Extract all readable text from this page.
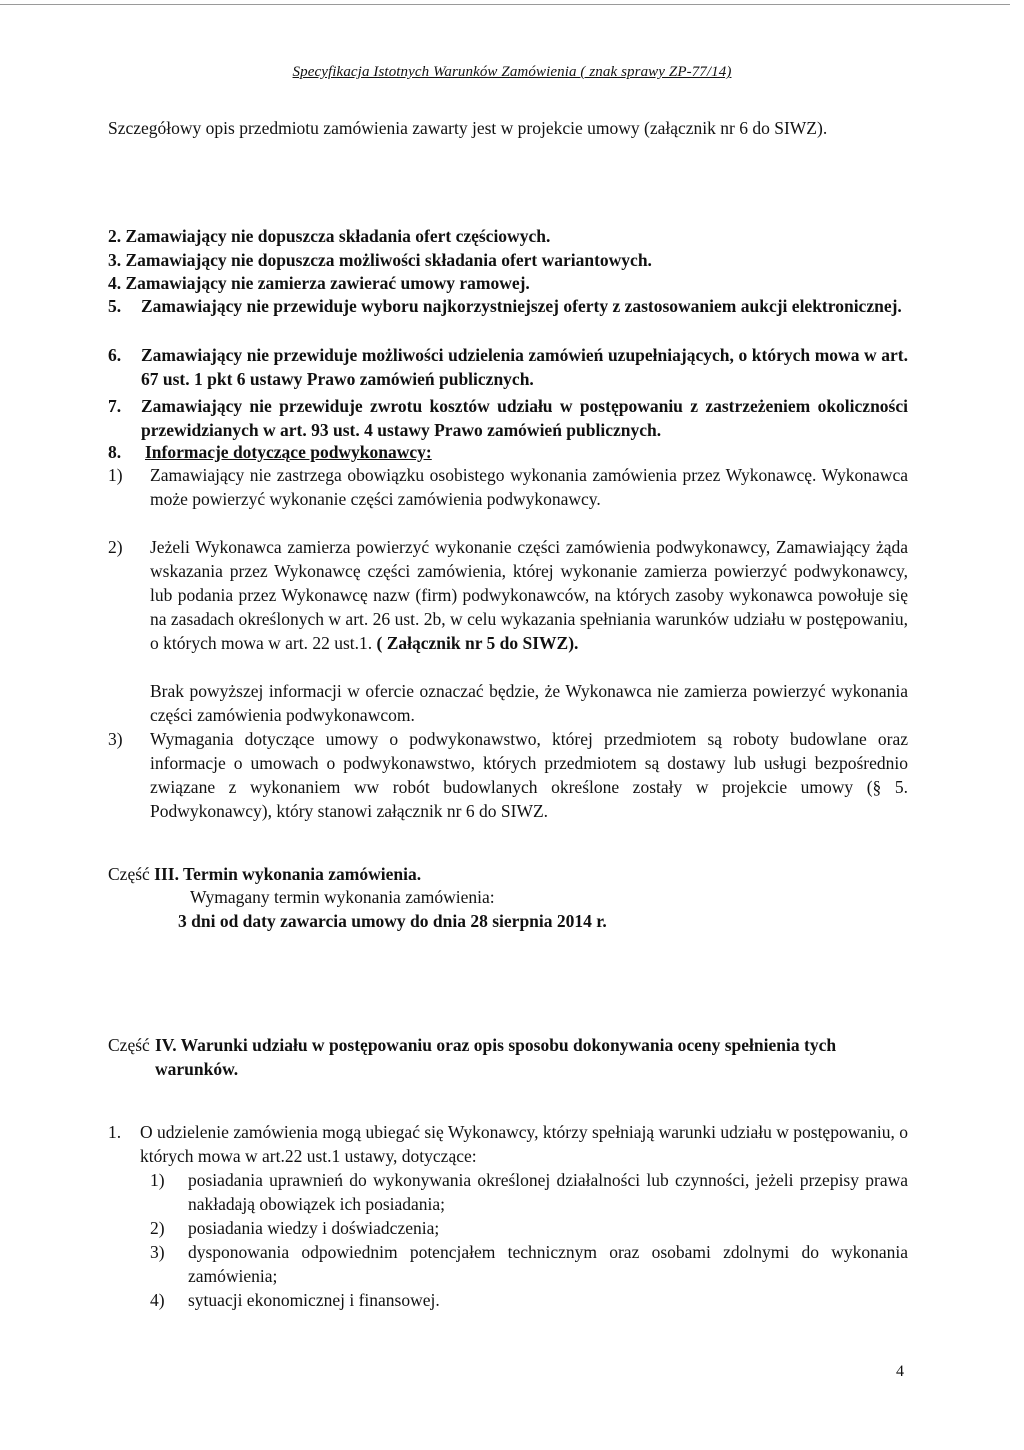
Specyfikacja Istotnych Warunków Zamówienia ( znak sprawy ZP-77/14)
Szczegółowy opis przedmiotu zamówienia zawarty jest w projekcie umowy (załącznik nr 6 do SIWZ).
2. Zamawiający nie dopuszcza składania ofert częściowych.
3. Zamawiający nie dopuszcza możliwości składania ofert wariantowych.
4. Zamawiający nie zamierza zawierać umowy ramowej.
5. Zamawiający nie przewiduje wyboru najkorzystniejszej oferty z zastosowaniem aukcji elektronicznej.
6. Zamawiający nie przewiduje możliwości udzielenia zamówień uzupełniających, o których mowa w art. 67 ust. 1 pkt 6 ustawy Prawo zamówień publicznych.
7. Zamawiający nie przewiduje zwrotu kosztów udziału w postępowaniu z zastrzeżeniem okoliczności przewidzianych w art. 93 ust. 4 ustawy Prawo zamówień publicznych.
8. Informacje dotyczące podwykonawcy:
1) Zamawiający nie zastrzega obowiązku osobistego wykonania zamówienia przez Wykonawcę. Wykonawca może powierzyć wykonanie części zamówienia podwykonawcy.
2) Jeżeli Wykonawca zamierza powierzyć wykonanie części zamówienia podwykonawcy, Zamawiający żąda wskazania przez Wykonawcę części zamówienia, której wykonanie zamierza powierzyć podwykonawcy, lub podania przez Wykonawcę nazw (firm) podwykonawców, na których zasoby wykonawca powołuje się na zasadach określonych w art. 26 ust. 2b, w celu wykazania spełniania warunków udziału w postępowaniu, o których mowa w art. 22 ust.1. ( Załącznik nr 5 do SIWZ).
Brak powyższej informacji w ofercie oznaczać będzie, że Wykonawca nie zamierza powierzyć wykonania części zamówienia podwykonawcom.
3) Wymagania dotyczące umowy o podwykonawstwo, której przedmiotem są roboty budowlane oraz informacje o umowach o podwykonawstwo, których przedmiotem są dostawy lub usługi bezpośrednio związane z wykonaniem ww robót budowlanych określone zostały w projekcie umowy (§ 5. Podwykonawcy), który stanowi załącznik nr 6 do SIWZ.
Część III. Termin wykonania zamówienia.
Wymagany termin wykonania zamówienia:
3 dni od daty zawarcia umowy do dnia 28 sierpnia 2014 r.
Część IV. Warunki udziału w postępowaniu oraz opis sposobu dokonywania oceny spełnienia tych warunków.
1. O udzielenie zamówienia mogą ubiegać się Wykonawcy, którzy spełniają warunki udziału w postępowaniu, o których mowa w art.22 ust.1 ustawy, dotyczące:
1) posiadania uprawnień do wykonywania określonej działalności lub czynności, jeżeli przepisy prawa nakładają obowiązek ich posiadania;
2) posiadania wiedzy i doświadczenia;
3) dysponowania odpowiednim potencjałem technicznym oraz osobami zdolnymi do wykonania zamówienia;
4) sytuacji ekonomicznej i finansowej.
4
